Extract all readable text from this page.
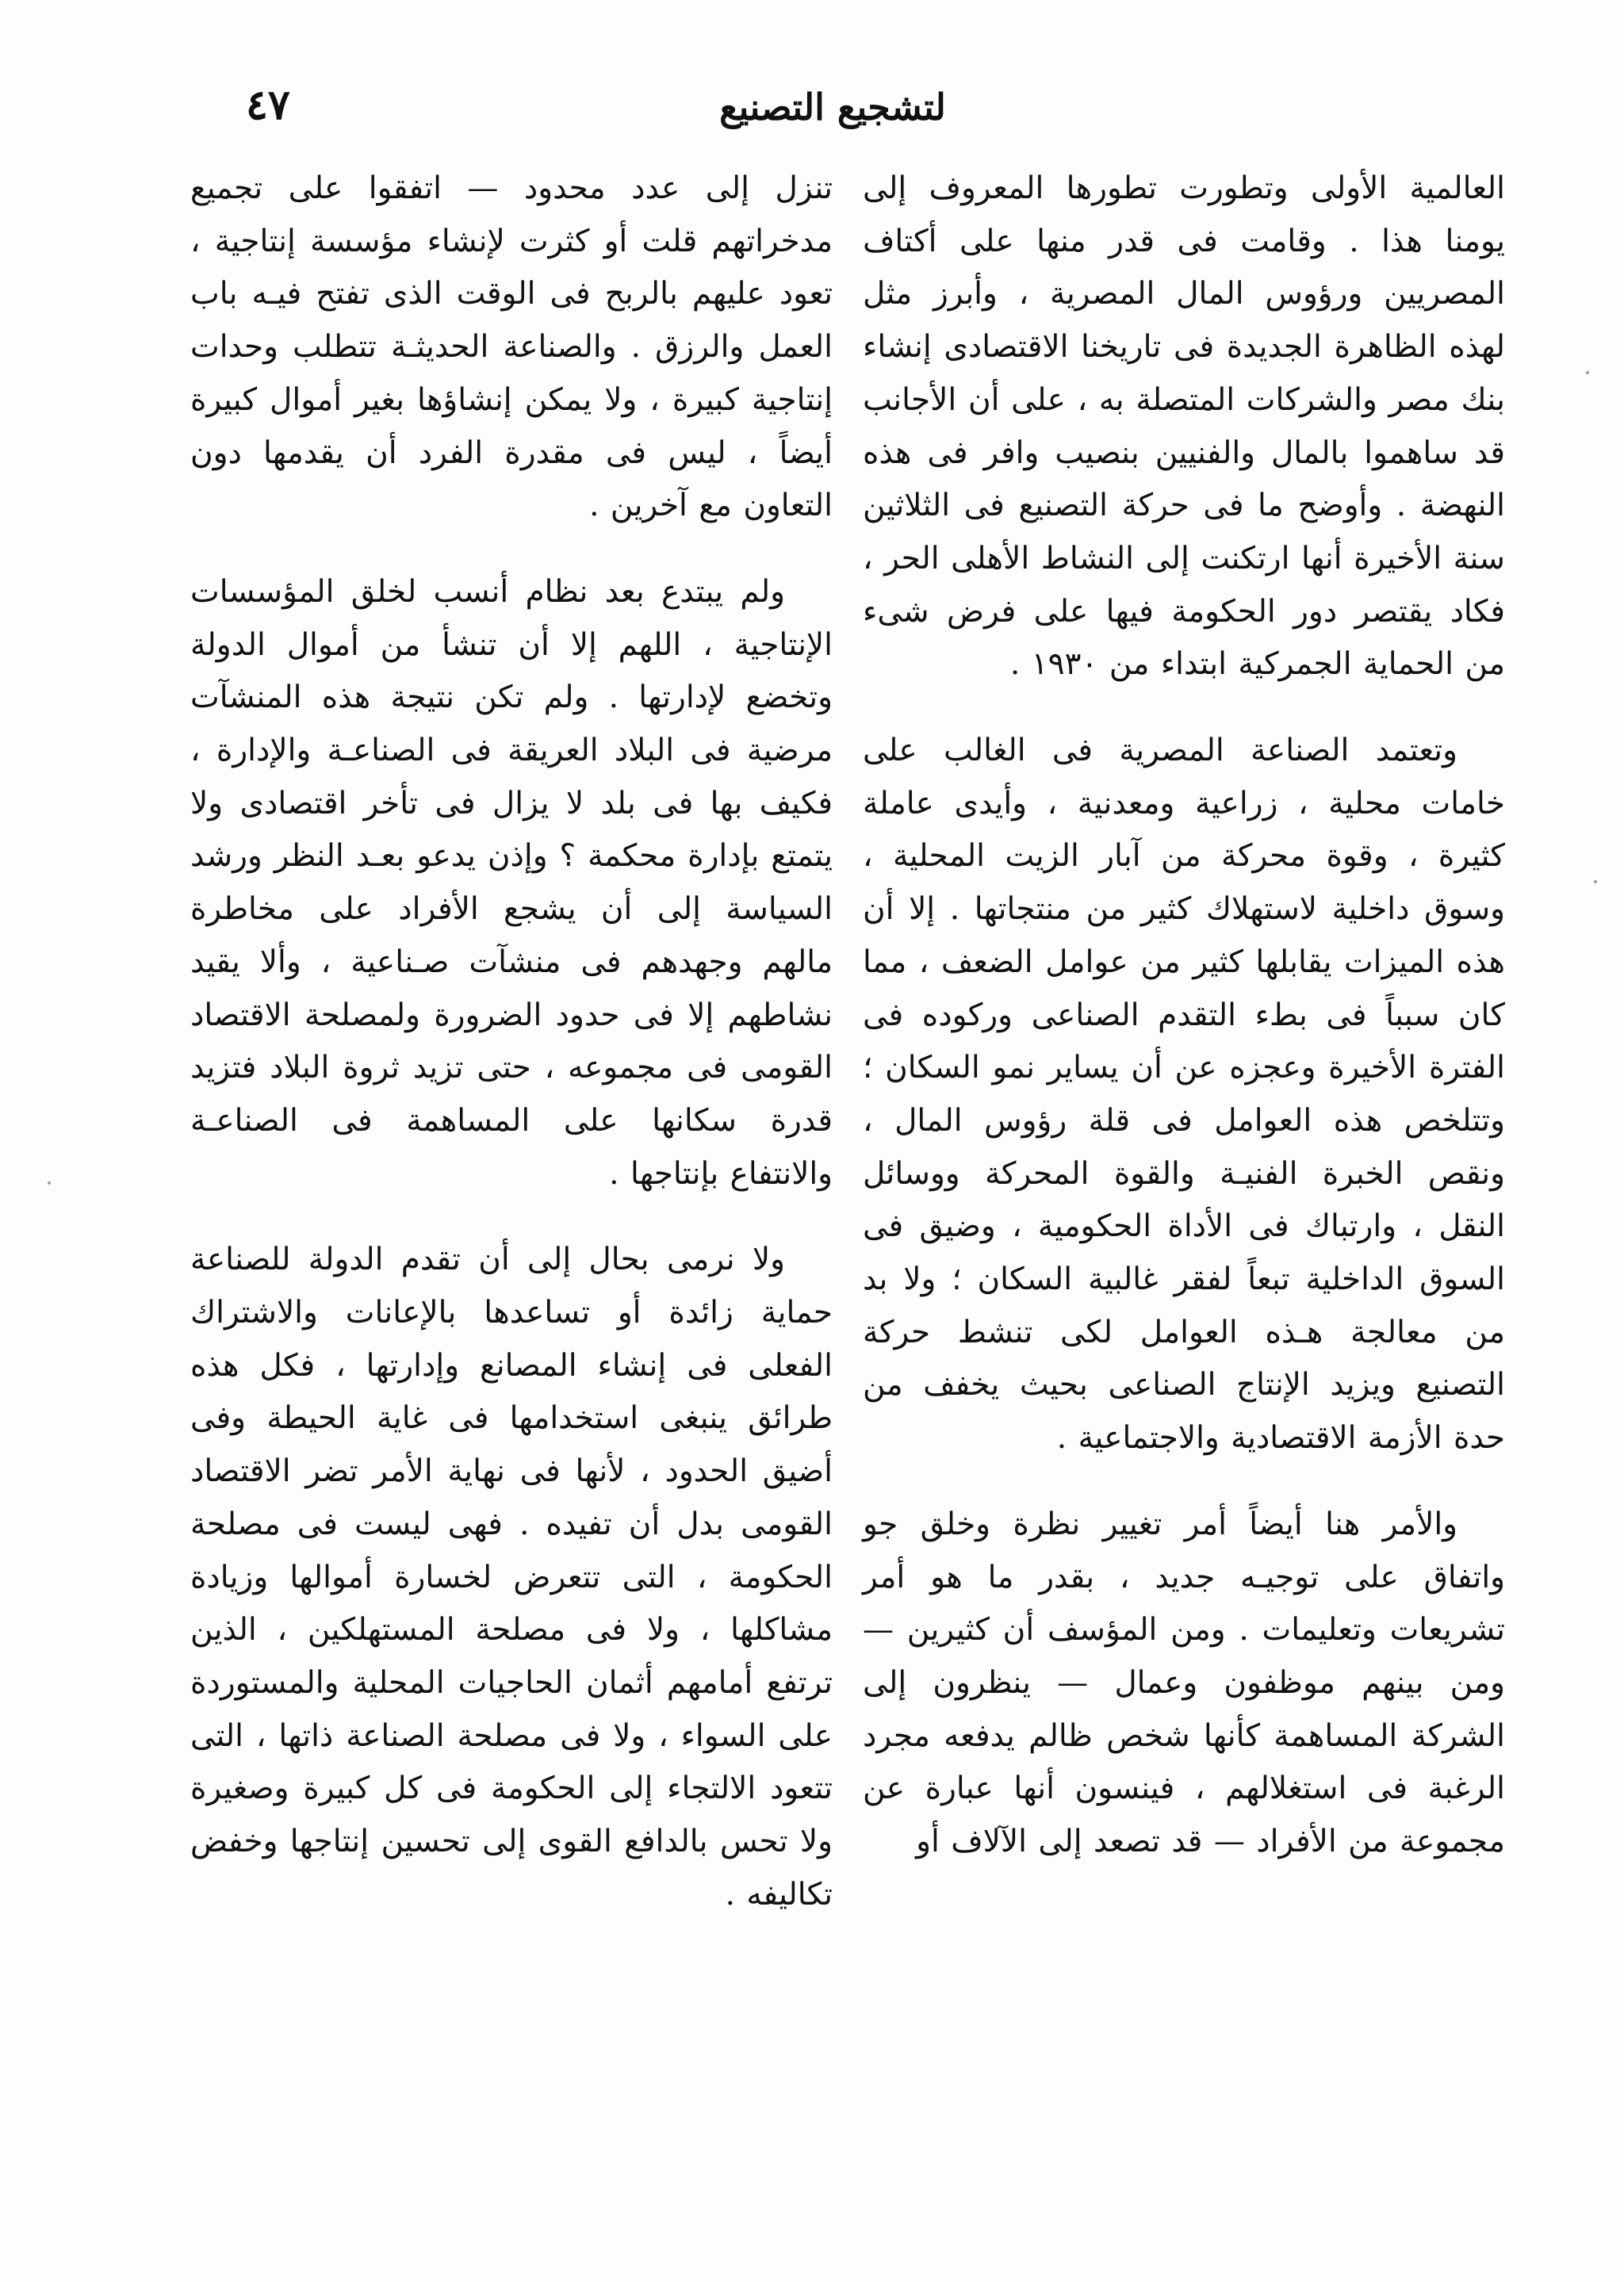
لتشجيع التصنيع
٤٧

العالمية الأولى وتطورت تطورها المعروف إلى يومنا هذا . وقامت فى قدر منها على أكتاف المصريين ورؤوس المال المصرية ، وأبرز مثل لهذه الظاهرة الجديدة فى تاريخنا الاقتصادى إنشاء بنك مصر والشركات المتصلة به ، على أن الأجانب قد ساهموا بالمال والفنيين بنصيب وافر فى هذه النهضة . وأوضح ما فى حركة التصنيع فى الثلاثين سنة الأخيرة أنها ارتكنت إلى النشاط الأهلى الحر ، فكاد يقتصر دور الحكومة فيها على فرض شىء من الحماية الجمركية ابتداء من ١٩٣٠ .

وتعتمد الصناعة المصرية فى الغالب على خامات محلية ، زراعية ومعدنية ، وأيدى عاملة كثيرة ، وقوة محركة من آبار الزيت المحلية ، وسوق داخلية لاستهلاك كثير من منتجاتها . إلا أن هذه الميزات يقابلها كثير من عوامل الضعف ، مما كان سبباً فى بطء التقدم الصناعى وركوده فى الفترة الأخيرة وعجزه عن أن يساير نمو السكان ؛ وتتلخص هذه العوامل فى قلة رؤوس المال ، ونقص الخبرة الفنيـة والقوة المحركة ووسائل النقل ، وارتباك فى الأداة الحكومية ، وضيق فى السوق الداخلية تبعاً لفقر غالبية السكان ؛ ولا بد من معالجة هـذه العوامل لكى تنشط حركة التصنيع ويزيد الإنتاج الصناعى بحيث يخفف من حدة الأزمة الاقتصادية والاجتماعية .

والأمر هنا أيضاً أمر تغيير نظرة وخلق جو واتفاق على توجيـه جديد ، بقدر ما هو أمر تشريعات وتعليمات . ومن المؤسف أن كثيرين — ومن بينهم موظفون وعمال — ينظرون إلى الشركة المساهمة كأنها شخص ظالم يدفعه مجرد الرغبة فى استغلالهم ، فينسون أنها عبارة عن مجموعة من الأفراد — قد تصعد إلى الآلاف أو

تنزل إلى عدد محدود — اتفقوا على تجميع مدخراتهم قلت أو كثرت لإنشاء مؤسسة إنتاجية ، تعود عليهم بالربح فى الوقت الذى تفتح فيـه باب العمل والرزق . والصناعة الحديثـة تتطلب وحدات إنتاجية كبيرة ، ولا يمكن إنشاؤها بغير أموال كبيرة أيضاً ، ليس فى مقدرة الفرد أن يقدمها دون التعاون مع آخرين .

ولم يبتدع بعد نظام أنسب لخلق المؤسسات الإنتاجية ، اللهم إلا أن تنشأ من أموال الدولة وتخضع لإدارتها . ولم تكن نتيجة هذه المنشآت مرضية فى البلاد العريقة فى الصناعـة والإدارة ، فكيف بها فى بلد لا يزال فى تأخر اقتصادى ولا يتمتع بإدارة محكمة ؟ وإذن يدعو بعـد النظر ورشد السياسة إلى أن يشجع الأفراد على مخاطرة مالهم وجهدهم فى منشآت صـناعية ، وألا يقيد نشاطهم إلا فى حدود الضرورة ولمصلحة الاقتصاد القومى فى مجموعه ، حتى تزيد ثروة البلاد فتزيد قدرة سكانها على المساهمة فى الصناعـة والانتفاع بإنتاجها .

ولا نرمى بحال إلى أن تقدم الدولة للصناعة حماية زائدة أو تساعدها بالإعانات والاشتراك الفعلى فى إنشاء المصانع وإدارتها ، فكل هذه طرائق ينبغى استخدامها فى غاية الحيطة وفى أضيق الحدود ، لأنها فى نهاية الأمر تضر الاقتصاد القومى بدل أن تفيده . فهى ليست فى مصلحة الحكومة ، التى تتعرض لخسارة أموالها وزيادة مشاكلها ، ولا فى مصلحة المستهلكين ، الذين ترتفع أمامهم أثمان الحاجيات المحلية والمستوردة على السواء ، ولا فى مصلحة الصناعة ذاتها ، التى تتعود الالتجاء إلى الحكومة فى كل كبيرة وصغيرة ولا تحس بالدافع القوى إلى تحسين إنتاجها وخفض تكاليفه .
